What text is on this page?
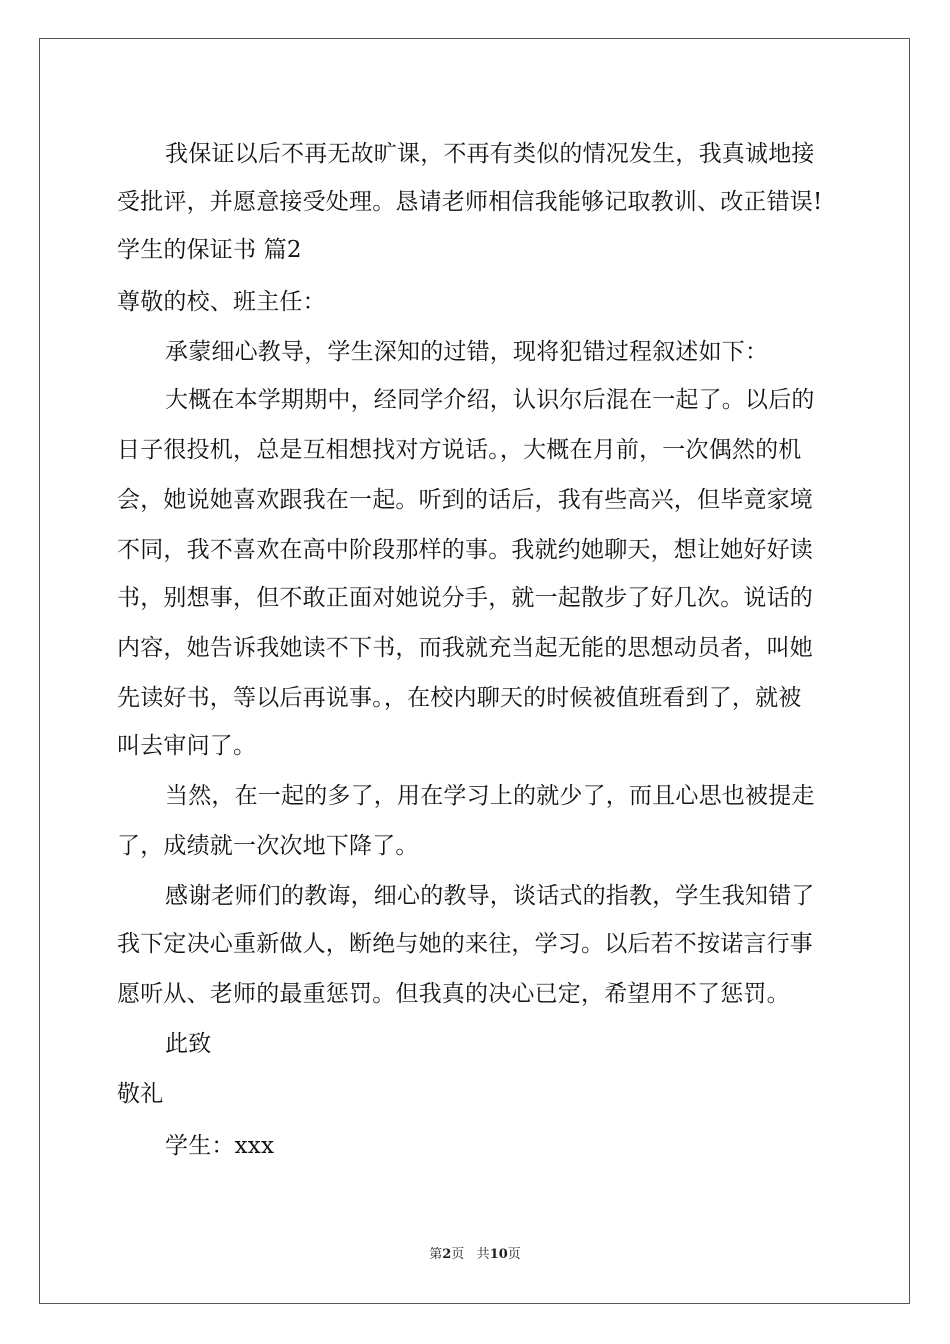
我保证以后不再无故旷课，不再有类似的情况发生，我真诚地接
受批评，并愿意接受处理。恳请老师相信我能够记取教训、改正错误!
学生的保证书 篇2
尊敬的校、班主任：
承蒙细心教导，学生深知的过错，现将犯错过程叙述如下：
大概在本学期期中，经同学介绍，认识尔后混在一起了。以后的
日子很投机，总是互相想找对方说话。，大概在月前，一次偶然的机
会，她说她喜欢跟我在一起。听到的话后，我有些高兴，但毕竟家境
不同，我不喜欢在高中阶段那样的事。我就约她聊天，想让她好好读
书，别想事，但不敢正面对她说分手，就一起散步了好几次。说话的
内容，她告诉我她读不下书，而我就充当起无能的思想动员者，叫她
先读好书，等以后再说事。，在校内聊天的时候被值班看到了，就被
叫去审问了。
当然，在一起的多了，用在学习上的就少了，而且心思也被提走
了，成绩就一次次地下降了。
感谢老师们的教诲，细心的教导，谈话式的指教，学生我知错了
我下定决心重新做人，断绝与她的来往，学习。以后若不按诺言行事
愿听从、老师的最重惩罚。但我真的决心已定，希望用不了惩罚。
此致
敬礼
学生：xxx
第2页 共10页
